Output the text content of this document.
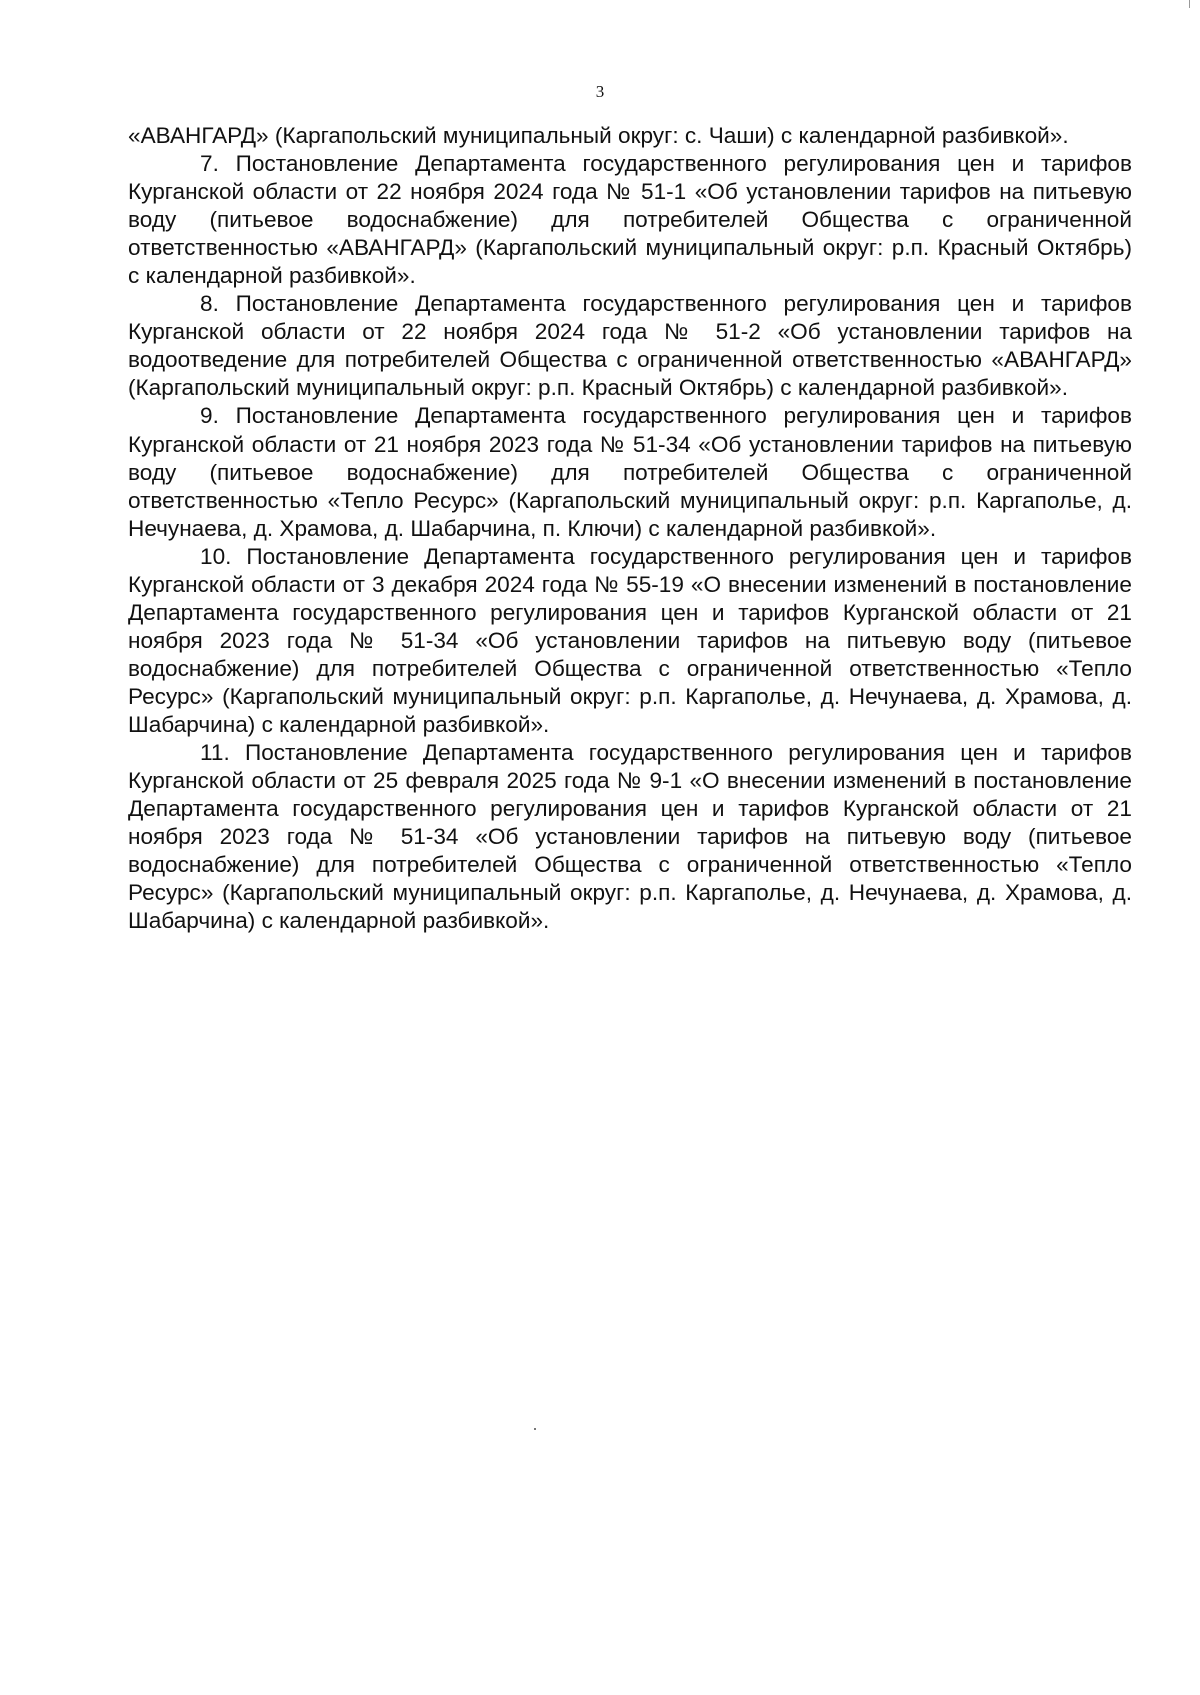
3

«АВАНГАРД» (Каргапольский муниципальный округ: с. Чаши) с календарной разбивкой».

7. Постановление Департамента государственного регулирования цен и тарифов Курганской области от 22 ноября 2024 года № 51-1 «Об установлении тарифов на питьевую воду (питьевое водоснабжение) для потребителей Общества с ограниченной ответственностью «АВАНГАРД» (Каргапольский муниципальный округ: р.п. Красный Октябрь) с календарной разбивкой».

8. Постановление Департамента государственного регулирования цен и тарифов Курганской области от 22 ноября 2024 года № 51-2 «Об установлении тарифов на водоотведение для потребителей Общества с ограниченной ответственностью «АВАНГАРД» (Каргапольский муниципальный округ: р.п. Красный Октябрь) с календарной разбивкой».

9. Постановление Департамента государственного регулирования цен и тарифов Курганской области от 21 ноября 2023 года № 51-34 «Об установлении тарифов на питьевую воду (питьевое водоснабжение) для потребителей Общества с ограниченной ответственностью «Тепло Ресурс» (Каргапольский муниципальный округ: р.п. Каргаполье, д. Нечунаева, д. Храмова, д. Шабарчина, п. Ключи) с календарной разбивкой».

10. Постановление Департамента государственного регулирования цен и тарифов Курганской области от 3 декабря 2024 года № 55-19 «О внесении изменений в постановление Департамента государственного регулирования цен и тарифов Курганской области от 21 ноября 2023 года № 51-34 «Об установлении тарифов на питьевую воду (питьевое водоснабжение) для потребителей Общества с ограниченной ответственностью «Тепло Ресурс» (Каргапольский муниципальный округ: р.п. Каргаполье, д. Нечунаева, д. Храмова, д. Шабарчина) с календарной разбивкой».

11. Постановление Департамента государственного регулирования цен и тарифов Курганской области от 25 февраля 2025 года № 9-1 «О внесении изменений в постановление Департамента государственного регулирования цен и тарифов Курганской области от 21 ноября 2023 года № 51-34 «Об установлении тарифов на питьевую воду (питьевое водоснабжение) для потребителей Общества с ограниченной ответственностью «Тепло Ресурс» (Каргапольский муниципальный округ: р.п. Каргаполье, д. Нечунаева, д. Храмова, д. Шабарчина) с календарной разбивкой».
